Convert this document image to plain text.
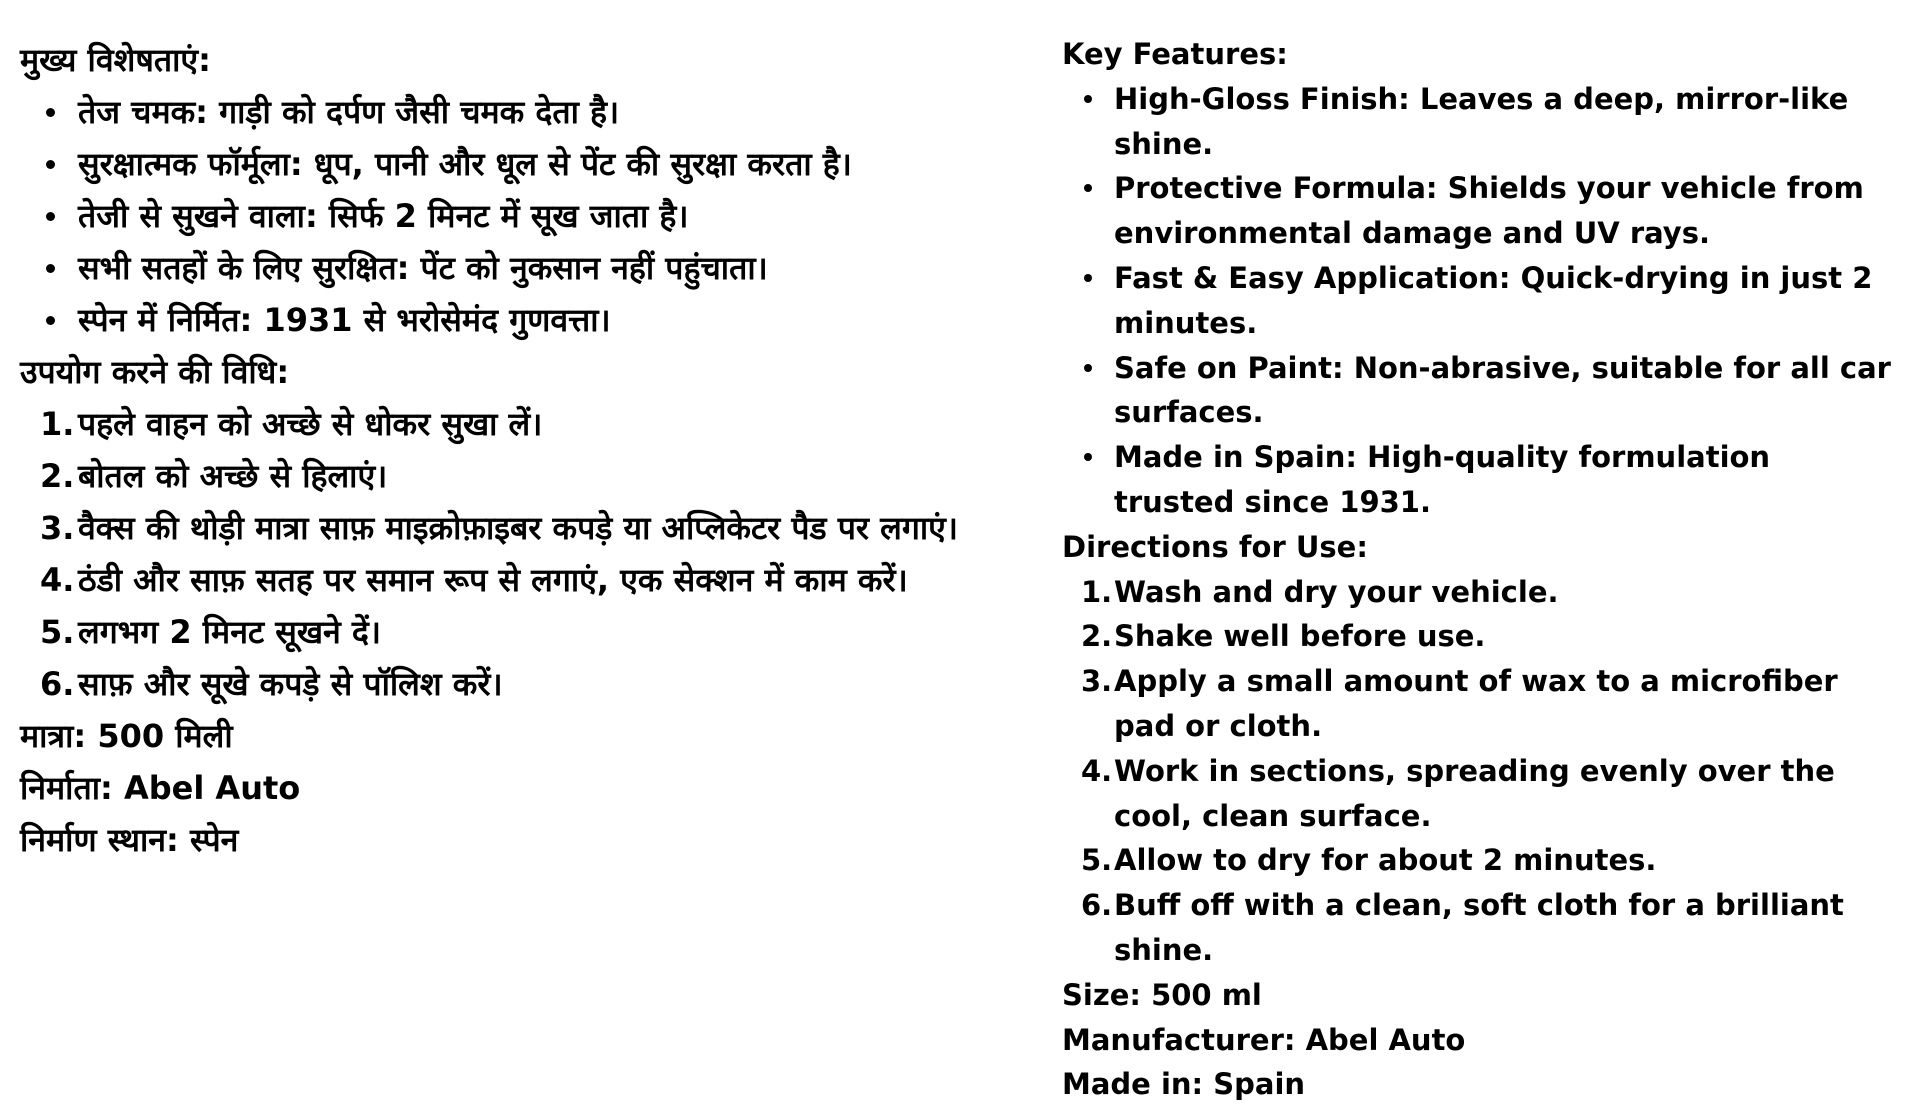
मुख्य विशेषताएं:

तेज चमक: गाड़ी को दर्पण जैसी चमक देता है।
सुरक्षात्मक फॉर्मूला: धूप, पानी और धूल से पेंट की सुरक्षा करता है।
तेजी से सुखने वाला: सिर्फ 2 मिनट में सूख जाता है।
सभी सतहों के लिए सुरक्षित: पेंट को नुकसान नहीं पहुंचाता।
स्पेन में निर्मित: 1931 से भरोसेमंद गुणवत्ता।

उपयोग करने की विधि:

1. पहले वाहन को अच्छे से धोकर सुखा लें।
2. बोतल को अच्छे से हिलाएं।
3. वैक्स की थोड़ी मात्रा साफ़ माइक्रोफ़ाइबर कपड़े या अप्लिकेटर पैड पर लगाएं।
4. ठंडी और साफ़ सतह पर समान रूप से लगाएं, एक सेक्शन में काम करें।
5. लगभग 2 मिनट सूखने दें।
6. साफ़ और सूखे कपड़े से पॉलिश करें।

मात्रा: 500 मिली

निर्माता: Abel Auto

निर्माण स्थान: स्पेन

Key Features:

High-Gloss Finish: Leaves a deep, mirror-like shine.
Protective Formula: Shields your vehicle from environmental damage and UV rays.
Fast & Easy Application: Quick-drying in just 2 minutes.
Safe on Paint: Non-abrasive, suitable for all car surfaces.
Made in Spain: High-quality formulation trusted since 1931.

Directions for Use:

1. Wash and dry your vehicle.
2. Shake well before use.
3. Apply a small amount of wax to a microfiber pad or cloth.
4. Work in sections, spreading evenly over the cool, clean surface.
5. Allow to dry for about 2 minutes.
6. Buff off with a clean, soft cloth for a brilliant shine.

Size: 500 ml

Manufacturer: Abel Auto

Made in: Spain
